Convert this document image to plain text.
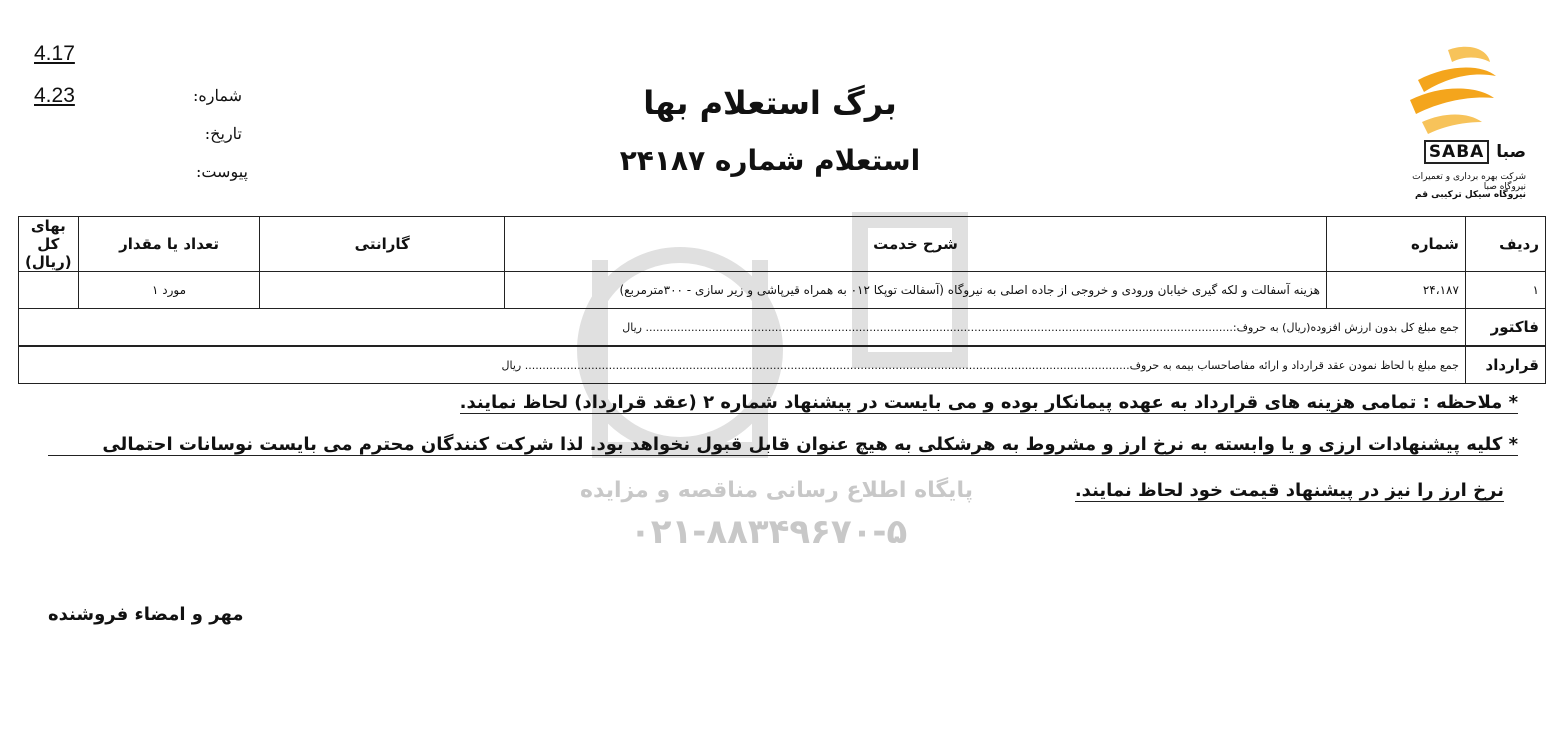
پایگاه اطلاع رسانی مناقصه و مزایده
۰۲۱-۸۸۳۴۹۶۷۰-۵
4.17
4.23	شماره:
تاریخ:
پیوست:
برگ استعلام بها
استعلام شماره ۲۴۱۸۷	SABA صبا
شرکت بهره برداری و تعمیرات نیروگاه صبا
نیروگاه سیکل ترکیبی قم
ردیف	شماره	شرح خدمت	گارانتی	تعداد یا مقدار	بهای کل (ریال)
۱	۲۴،۱۸۷	هزینه آسفالت و لکه گیری خیابان ورودی و خروجی از جاده اصلی به نیروگاه (آسفالت توپکا ۰۱۲ به همراه قیرپاشی و زیر سازی - ۳۰۰مترمربع)		مورد ۱	
فاکتور	جمع مبلغ کل بدون ارزش افزوده(ریال) به حروف:........................................................................................................................................................................ ریال				

قرارداد	جمع مبلغ با لحاظ نمودن عقد قرارداد و ارائه مفاصاحساب بیمه به حروف............................................................................................................................................................................. ریال				
* ملاحظه : تمامی هزینه های قرارداد به عهده پیمانکار بوده و می بایست در پیشنهاد شماره ۲ (عقد قرارداد) لحاظ نمایند.
* کلیه پیشنهادات ارزی و یا وابسته به نرخ ارز و مشروط به هرشکلی به هیچ عنوان قابل قبول نخواهد بود. لذا شرکت کنندگان محترم می بایست نوسانات احتمالی
نرخ ارز را نیز در پیشنهاد قیمت خود لحاظ نمایند.
مهر و امضاء فروشنده
